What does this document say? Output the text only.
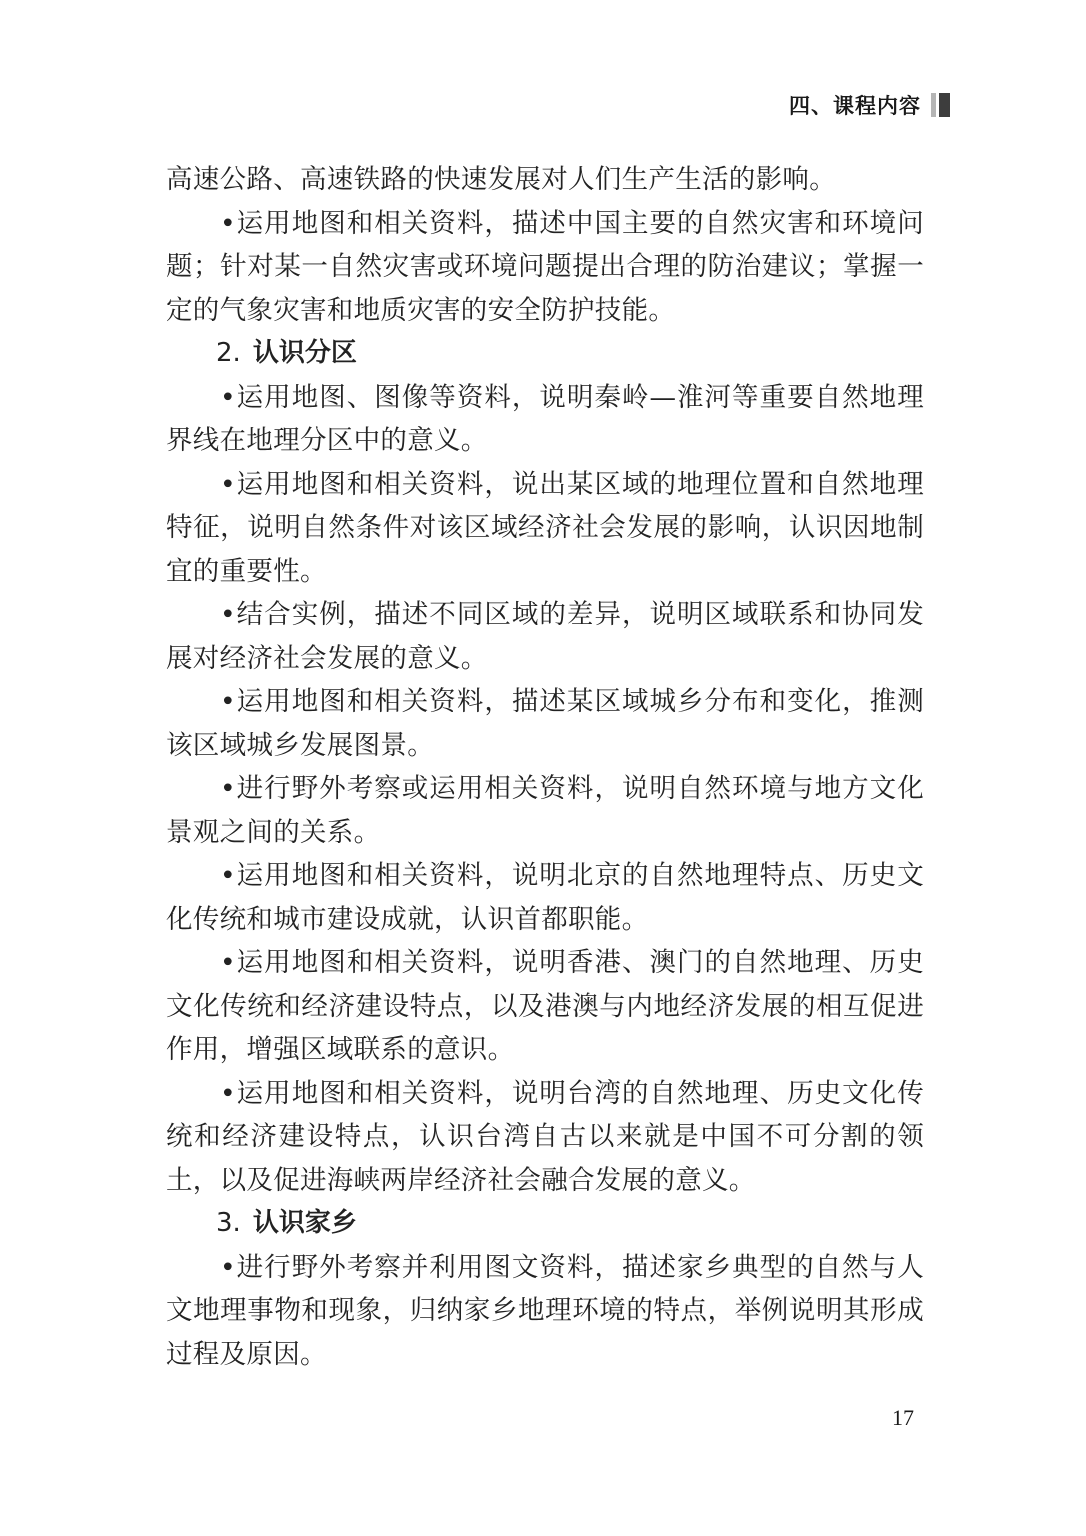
四、课程内容

高速公路、高速铁路的快速发展对人们生产生活的影响。

•运用地图和相关资料，描述中国主要的自然灾害和环境问题；针对某一自然灾害或环境问题提出合理的防治建议；掌握一定的气象灾害和地质灾害的安全防护技能。

2. 认识分区

•运用地图、图像等资料，说明秦岭—淮河等重要自然地理界线在地理分区中的意义。

•运用地图和相关资料，说出某区域的地理位置和自然地理特征，说明自然条件对该区域经济社会发展的影响，认识因地制宜的重要性。

•结合实例，描述不同区域的差异，说明区域联系和协同发展对经济社会发展的意义。

•运用地图和相关资料，描述某区域城乡分布和变化，推测该区域城乡发展图景。

•进行野外考察或运用相关资料，说明自然环境与地方文化景观之间的关系。

•运用地图和相关资料，说明北京的自然地理特点、历史文化传统和城市建设成就，认识首都职能。

•运用地图和相关资料，说明香港、澳门的自然地理、历史文化传统和经济建设特点，以及港澳与内地经济发展的相互促进作用，增强区域联系的意识。

•运用地图和相关资料，说明台湾的自然地理、历史文化传统和经济建设特点，认识台湾自古以来就是中国不可分割的领土，以及促进海峡两岸经济社会融合发展的意义。

3. 认识家乡

•进行野外考察并利用图文资料，描述家乡典型的自然与人文地理事物和现象，归纳家乡地理环境的特点，举例说明其形成过程及原因。

17
